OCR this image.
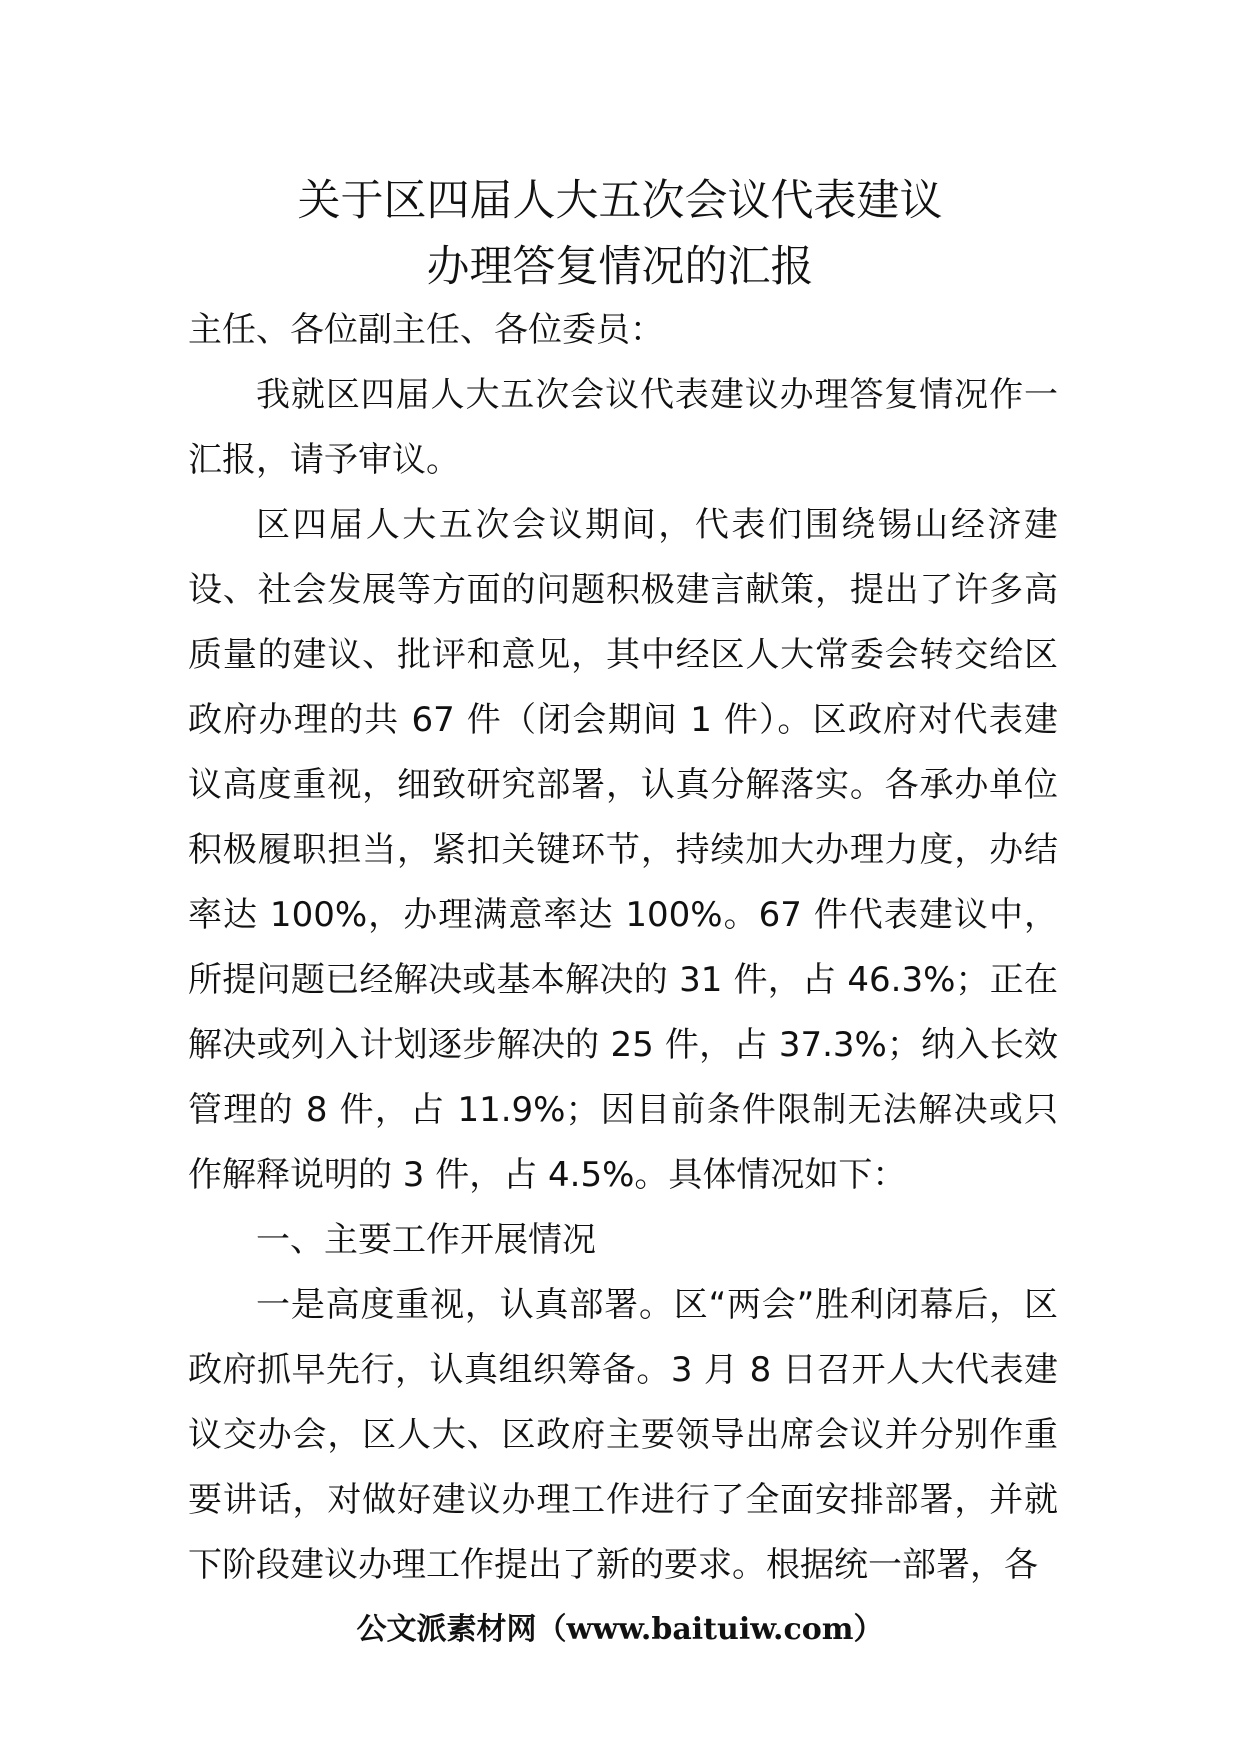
关于区四届人大五次会议代表建议
办理答复情况的汇报

主任、各位副主任、各位委员：

我就区四届人大五次会议代表建议办理答复情况作一汇报，请予审议。

区四届人大五次会议期间，代表们围绕锡山经济建设、社会发展等方面的问题积极建言献策，提出了许多高质量的建议、批评和意见，其中经区人大常委会转交给区政府办理的共 67 件（闭会期间 1 件）。区政府对代表建议高度重视，细致研究部署，认真分解落实。各承办单位积极履职担当，紧扣关键环节，持续加大办理力度，办结率达 100%，办理满意率达 100%。67 件代表建议中，所提问题已经解决或基本解决的 31 件，占 46.3%；正在解决或列入计划逐步解决的 25 件，占 37.3%；纳入长效管理的 8 件，占 11.9%；因目前条件限制无法解决或只作解释说明的 3 件，占 4.5%。具体情况如下：

一、主要工作开展情况

一是高度重视，认真部署。区“两会”胜利闭幕后，区政府抓早先行，认真组织筹备。3 月 8 日召开人大代表建议交办会，区人大、区政府主要领导出席会议并分别作重要讲话，对做好建议办理工作进行了全面安排部署，并就下阶段建议办理工作提出了新的要求。根据统一部署，各

公文派素材网（www.baituiw.com）
